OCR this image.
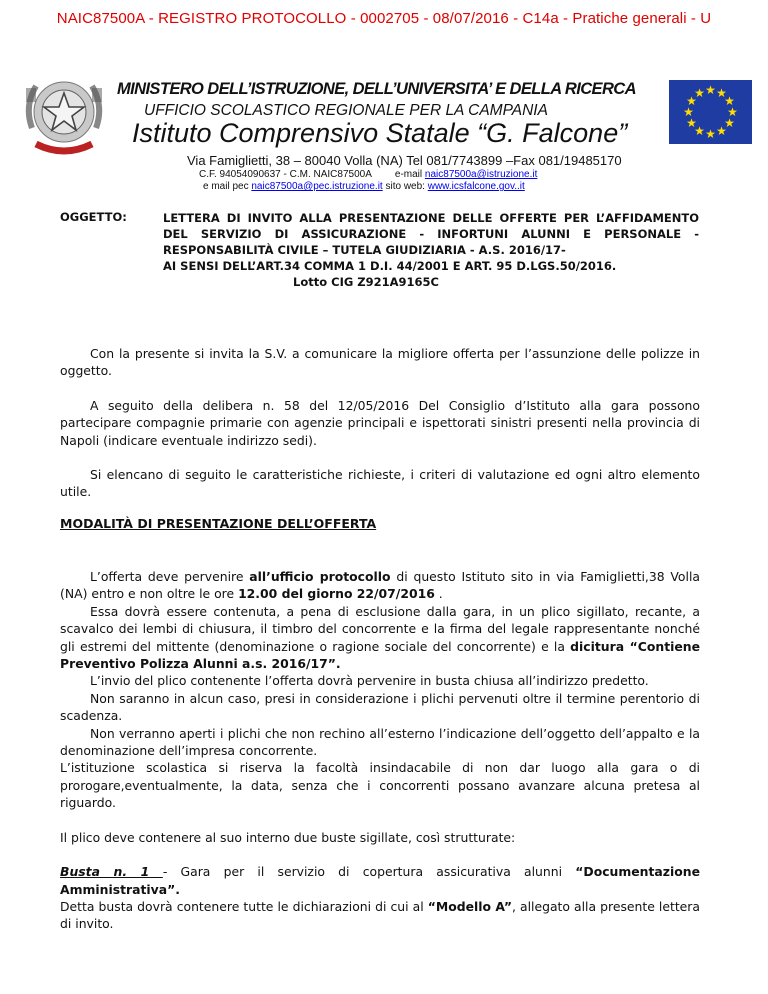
NAIC87500A - REGISTRO PROTOCOLLO - 0002705 - 08/07/2016 - C14a - Pratiche generali - U
MINISTERO DELL’ISTRUZIONE, DELL’UNIVERSITA’ E DELLA RICERCA
UFFICIO SCOLASTICO REGIONALE PER LA CAMPANIA
Istituto Comprensivo Statale “G. Falcone”
★ ★
★
★
★
★
★
★
★
★
★
★
Via Famiglietti, 38 – 80040 Volla (NA) Tel 081/7743899 –Fax 081/19485170
C.F. 94054090637 - C.M. NAIC87500A e-mail naic87500a@istruzione.it
e mail pec naic87500a@pec.istruzione.it sito web: www.icsfalcone.gov..it
OGGETTO:	LETTERA DI INVITO ALLA PRESENTAZIONE DELLE OFFERTE PER L’AFFIDAMENTO
DEL SERVIZIO DI ASSICURAZIONE - INFORTUNI ALUNNI E PERSONALE -
RESPONSABILITÀ CIVILE – TUTELA GIUDIZIARIA - A.S. 2016/17-
AI SENSI DELL’ART.34 COMMA 1 D.I. 44/2001 E ART. 95 D.LGS.50/2016.
Lotto CIG Z921A9165C
Con la presente si invita la S.V. a comunicare la migliore offerta per l’assunzione delle polizze in oggetto.
A seguito della delibera n. 58 del 12/05/2016 Del Consiglio d’Istituto alla gara possono partecipare compagnie primarie con agenzie principali e ispettorati sinistri presenti nella provincia di Napoli (indicare eventuale indirizzo sedi).
Si elencano di seguito le caratteristiche richieste, i criteri di valutazione ed ogni altro elemento utile.
MODALITÀ DI PRESENTAZIONE DELL’OFFERTA
L’offerta deve pervenire all’ufficio protocollo di questo Istituto sito in via Famiglietti,38 Volla (NA) entro e non oltre le ore 12.00 del giorno 22/07/2016 .
Essa dovrà essere contenuta, a pena di esclusione dalla gara, in un plico sigillato, recante, a scavalco dei lembi di chiusura, il timbro del concorrente e la firma del legale rappresentante nonché gli estremi del mittente (denominazione o ragione sociale del concorrente) e la dicitura “Contiene Preventivo Polizza Alunni a.s. 2016/17”.
L’invio del plico contenente l’offerta dovrà pervenire in busta chiusa all’indirizzo predetto.
Non saranno in alcun caso, presi in considerazione i plichi pervenuti oltre il termine perentorio di scadenza.
Non verranno aperti i plichi che non rechino all’esterno l’indicazione dell’oggetto dell’appalto e la denominazione dell’impresa concorrente.
L’istituzione scolastica si riserva la facoltà insindacabile di non dar luogo alla gara o di prorogare,eventualmente, la data, senza che i concorrenti possano avanzare alcuna pretesa al riguardo.
Il plico deve contenere al suo interno due buste sigillate, così strutturate:
Busta n. 1 - Gara per il servizio di copertura assicurativa alunni “Documentazione Amministrativa”.
Detta busta dovrà contenere tutte le dichiarazioni di cui al “Modello A”, allegato alla presente lettera di invito.
